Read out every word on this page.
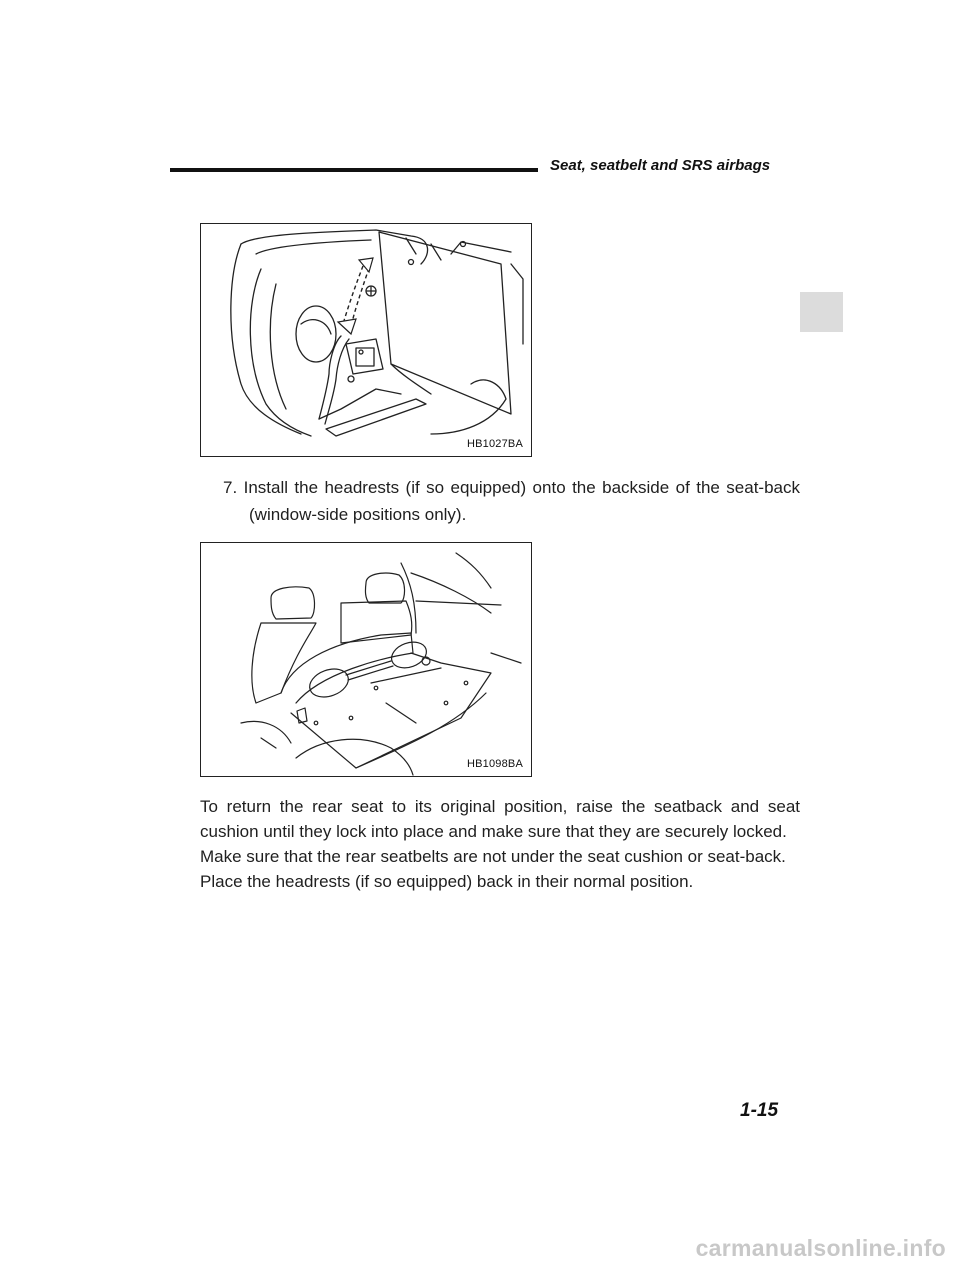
Seat, seatbelt and SRS airbags
HB1027BA
7. Install the headrests (if so equipped) onto the backside of the seat-back (window-side positions only).
HB1098BA

To return the rear seat to its original position, raise the seatback and seat cushion until they lock into place and make sure that they are securely locked.

Make sure that the rear seatbelts are not under the seat cushion or seat-back.

Place the headrests (if so equipped) back in their normal position.

1-15
carmanualsonline.info
